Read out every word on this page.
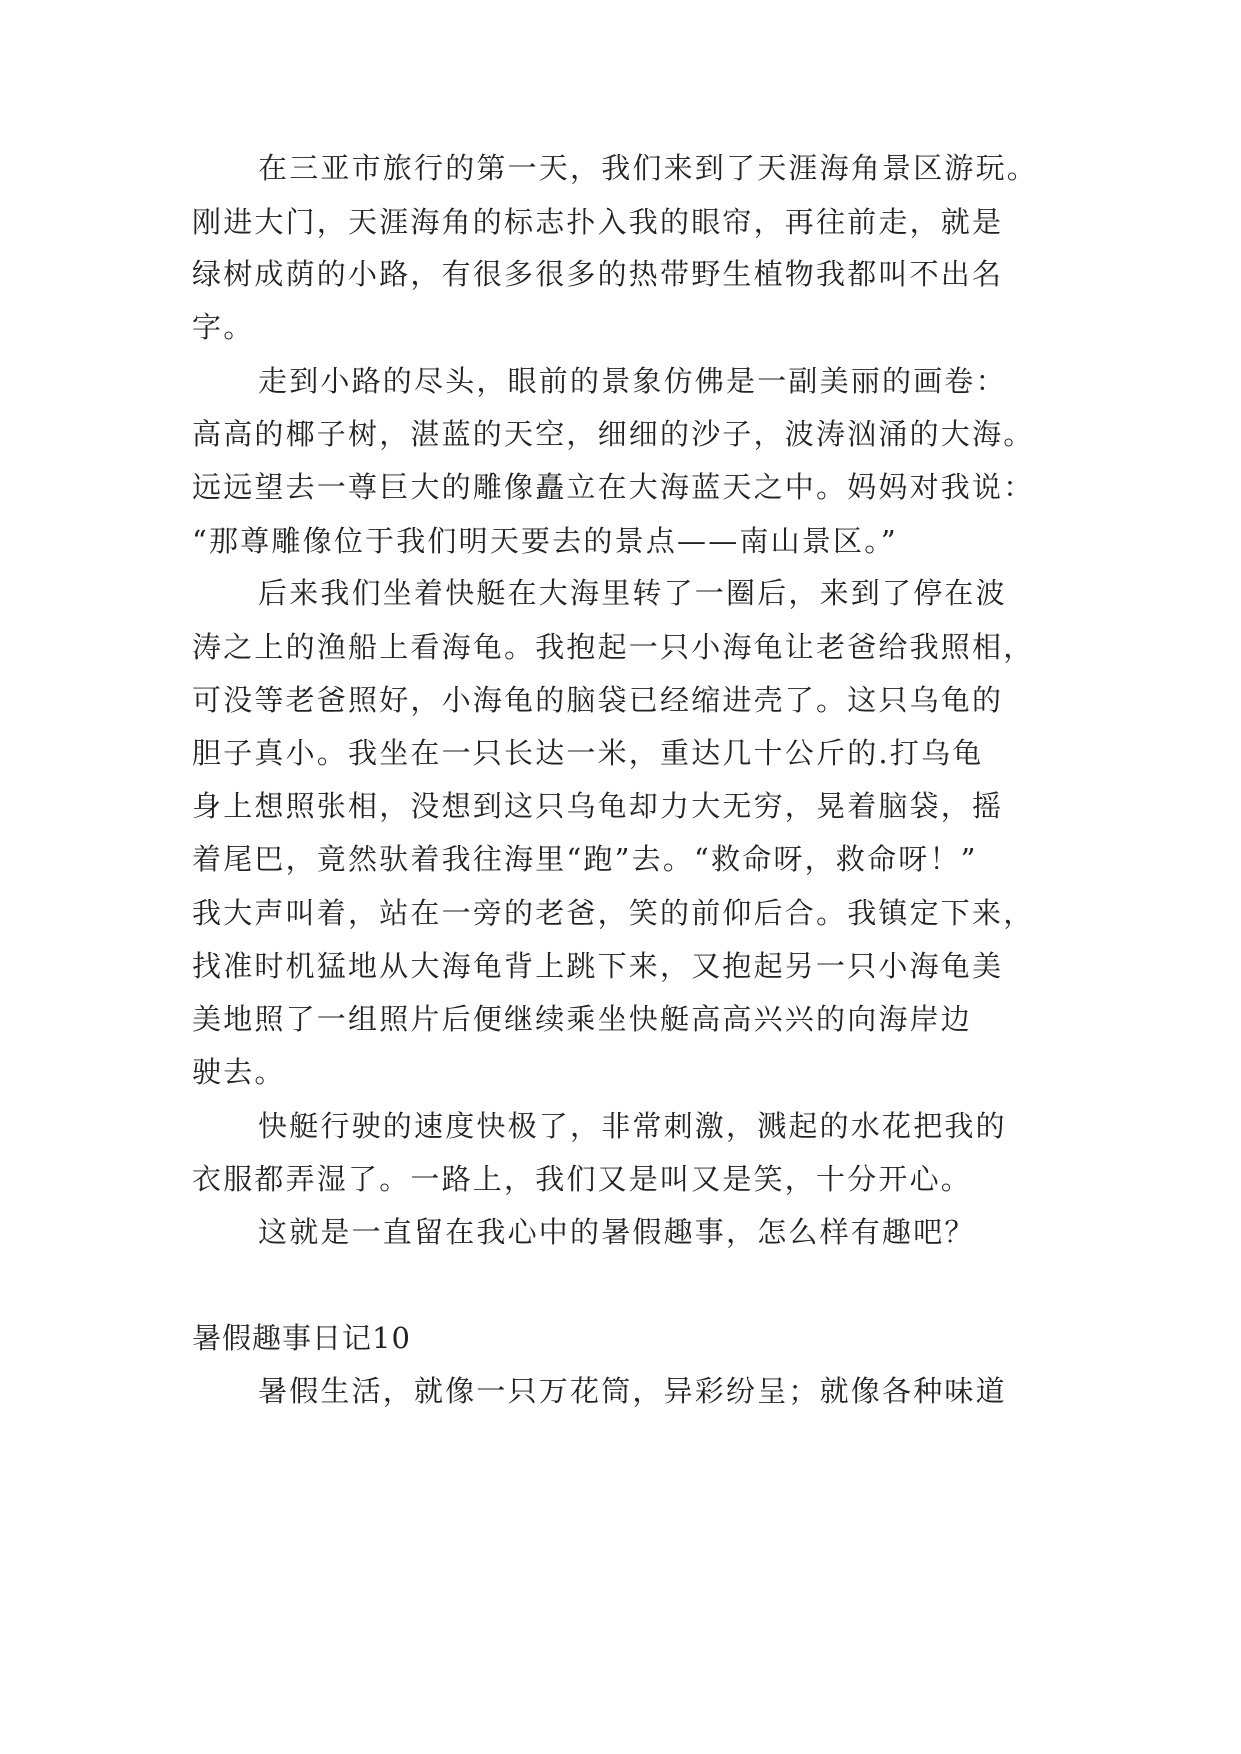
在三亚市旅行的第一天，我们来到了天涯海角景区游玩。
刚进大门，天涯海角的标志扑入我的眼帘，再往前走，就是
绿树成荫的小路，有很多很多的热带野生植物我都叫不出名
字。
走到小路的尽头，眼前的景象仿佛是一副美丽的画卷：
高高的椰子树，湛蓝的天空，细细的沙子，波涛汹涌的大海。
远远望去一尊巨大的雕像矗立在大海蓝天之中。妈妈对我说：
“那尊雕像位于我们明天要去的景点——南山景区。”
后来我们坐着快艇在大海里转了一圈后，来到了停在波
涛之上的渔船上看海龟。我抱起一只小海龟让老爸给我照相，
可没等老爸照好，小海龟的脑袋已经缩进壳了。这只乌龟的
胆子真小。我坐在一只长达一米，重达几十公斤的.打乌龟
身上想照张相，没想到这只乌龟却力大无穷，晃着脑袋，摇
着尾巴，竟然驮着我往海里“跑”去。“救命呀，救命呀！”
我大声叫着，站在一旁的老爸，笑的前仰后合。我镇定下来，
找准时机猛地从大海龟背上跳下来，又抱起另一只小海龟美
美地照了一组照片后便继续乘坐快艇高高兴兴的向海岸边
驶去。
快艇行驶的速度快极了，非常刺激，溅起的水花把我的
衣服都弄湿了。一路上，我们又是叫又是笑，十分开心。
这就是一直留在我心中的暑假趣事，怎么样有趣吧？
暑假趣事日记10
暑假生活，就像一只万花筒，异彩纷呈；就像各种味道
